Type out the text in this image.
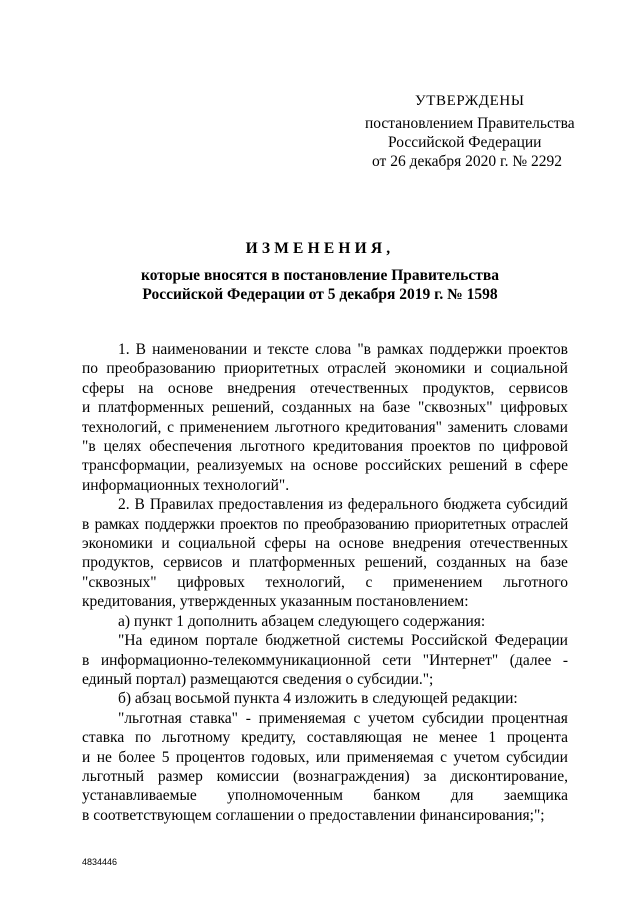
УТВЕРЖДЕНЫ
постановлением Правительства
Российской Федерации
от 26 декабря 2020 г. № 2292
ИЗМЕНЕНИЯ,
которые вносятся в постановление Правительства
Российской Федерации от 5 декабря 2019 г. № 1598
1. В наименовании и тексте слова "в рамках поддержки проектов
по преобразованию приоритетных отраслей экономики и социальной
сферы на основе внедрения отечественных продуктов, сервисов
и платформенных решений, созданных на базе "сквозных" цифровых
технологий, с применением льготного кредитования" заменить словами
"в целях обеспечения льготного кредитования проектов по цифровой
трансформации, реализуемых на основе российских решений в сфере
информационных технологий".
2. В Правилах предоставления из федерального бюджета субсидий
в рамках поддержки проектов по преобразованию приоритетных отраслей
экономики и социальной сферы на основе внедрения отечественных
продуктов, сервисов и платформенных решений, созданных на базе
"сквозных" цифровых технологий, с применением льготного
кредитования, утвержденных указанным постановлением:
а) пункт 1 дополнить абзацем следующего содержания:
"На едином портале бюджетной системы Российской Федерации
в информационно-телекоммуникационной сети "Интернет" (далее -
единый портал) размещаются сведения о субсидии.";
б) абзац восьмой пункта 4 изложить в следующей редакции:
"льготная ставка" - применяемая с учетом субсидии процентная
ставка по льготному кредиту, составляющая не менее 1 процента
и не более 5 процентов годовых, или применяемая с учетом субсидии
льготный размер комиссии (вознаграждения) за дисконтирование,
устанавливаемые уполномоченным банком для заемщика
в соответствующем соглашении о предоставлении финансирования;";
4834446
